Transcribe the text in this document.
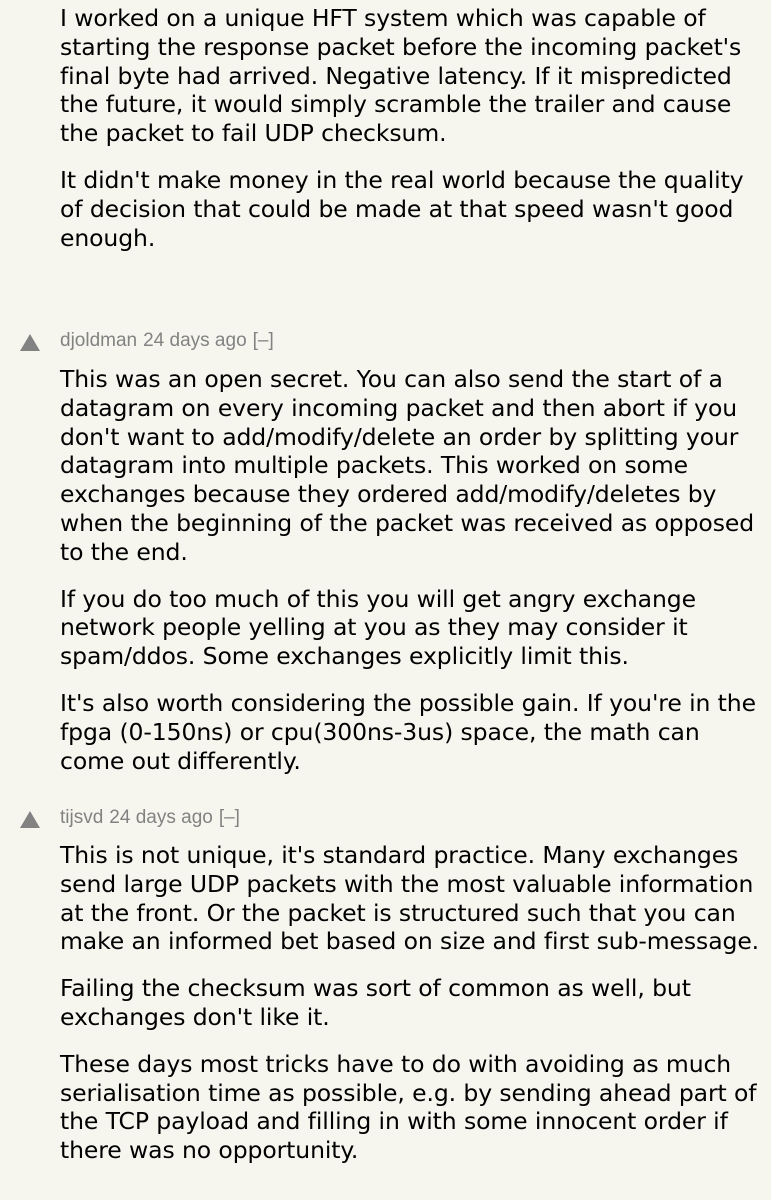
I worked on a unique HFT system which was capable of starting the response packet before the incoming packet's final byte had arrived. Negative latency. If it mispredicted the future, it would simply scramble the trailer and cause the packet to fail UDP checksum.

It didn't make money in the real world because the quality of decision that could be made at that speed wasn't good enough.

djoldman 24 days ago [–]

This was an open secret. You can also send the start of a datagram on every incoming packet and then abort if you don't want to add/modify/delete an order by splitting your datagram into multiple packets. This worked on some exchanges because they ordered add/modify/deletes by when the beginning of the packet was received as opposed to the end.

If you do too much of this you will get angry exchange network people yelling at you as they may consider it spam/ddos. Some exchanges explicitly limit this.

It's also worth considering the possible gain. If you're in the fpga (0-150ns) or cpu(300ns-3us) space, the math can come out differently.

tijsvd 24 days ago [–]

This is not unique, it's standard practice. Many exchanges send large UDP packets with the most valuable information at the front. Or the packet is structured such that you can make an informed bet based on size and first sub-message.

Failing the checksum was sort of common as well, but exchanges don't like it.

These days most tricks have to do with avoiding as much serialisation time as possible, e.g. by sending ahead part of the TCP payload and filling in with some innocent order if there was no opportunity.
